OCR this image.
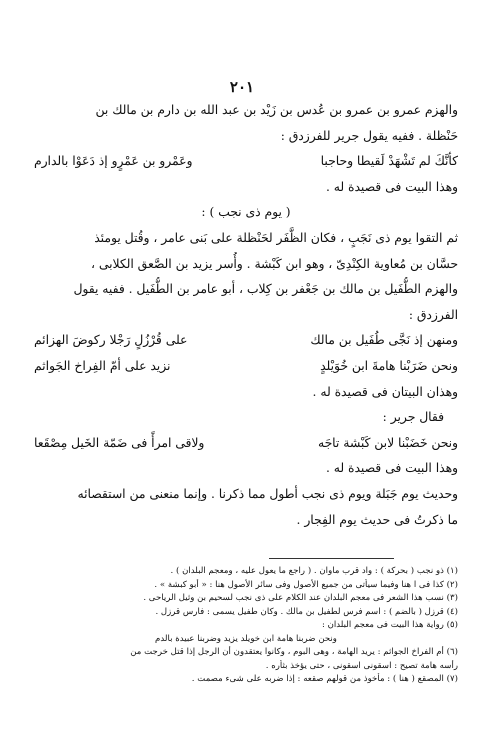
٢٠١
والهزم عمرو بن عمرو بن عُدس بن زَيْد بن عبد الله بن دارم بن مالك بن
حَنْظلة . ففيه يقول جرير للفرزدق :
كأنَّكَ لم تَشْهَدْ لَقيطا وحاجبا
وعَمْرو بن عَمْرٍو إذ دَعَوْا بالدارم
وهذا البيت فى قصيدة له .
( يوم ذى نجب ) :
ثم التقوا يوم ذى نَجَبٍ ، فكان الظَّفَر لحَنْظلة على بَنى عامر ، وقُتل يومئذ
حسَّان بن مُعاوية الكِنْدِىّ ، وهو ابن كَبْشة . وأُسر يزيد بن الصَّعق الكلابى ،
والهزم الطُّفَيل بن مالك بن جَعْفر بن كِلاب ، أبو عامر بن الطُّفَيل . ففيه يقول
الفرزدق :
ومنهن إذ نَجَّى طُفَيل بن مالك
على قُرْزُلٍ رَجْلا ركوضَ الهزائم
ونحن ضَرَبْنا هامةَ ابن خُوَيْلدٍ
نزيد على أمّ الفِراخ الجَواثم
وهذان البيتان فى قصيدة له .
فقال جرير :
ونحن خَضَبْنا لابن كَبْشة تاجَه
ولاقى امرأً فى ضَمّة الخَيل مِصْقَعا
وهذا البيت فى قصيدة له .
وحديث يوم جَبَلة ويوم ذى نجب أطول مما ذكرنا . وإنما منعنى من استقصائه
ما ذكرتُ فى حديث يوم الفِجار .
(١) ذو نجب ( بحركة ) : واد قرب ماوان . ( راجع ما يعول عليه ، ومعجم البلدان ) .
(٢) كذا فى ا هنا وفيما سيأتى من جميع الأصول وفى سائر الأصول هنا : « أبو كبشة » .
(٣) نسب هذا الشعر فى معجم البلدان عند الكلام على ذى نجب لسحيم بن وثيل الرياحى .
(٤) قرزل ( بالضم ) : اسم فرس لطفيل بن مالك . وكان طفيل يسمى : فارس قرزل .
(٥) رواية هذا البيت فى معجم البلدان :
ونحن ضربنا هامة ابن خويلد يزيد وضربنا عبيدة بالدم
(٦) أم الفراخ الجواثم : يريد الهامة ، وهى البوم ، وكانوا يعتقدون أن الرجل إذا قتل خرجت من
رأسه هامة تصيح : اسقونى اسقونى ، حتى يؤخذ بثأره .
(٧) المصقع ( هنا ) : مأخوذ من قولهم صقعه : إذا ضربه على شىء مصمت .
